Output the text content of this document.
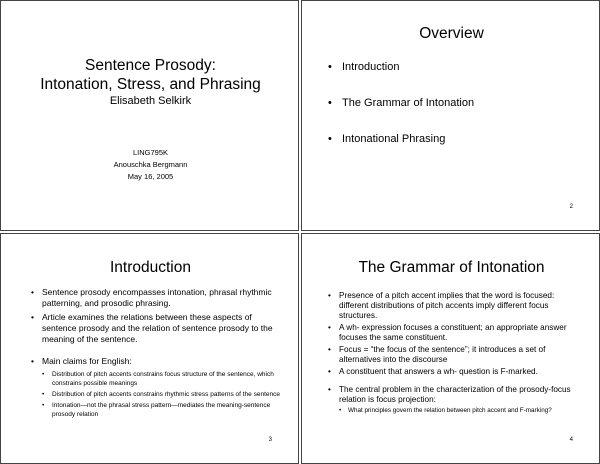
Sentence Prosody:
Intonation, Stress, and Phrasing
Elisabeth Selkirk
LING795K
Anouschka Bergmann
May 16, 2005
Overview
• Introduction
• The Grammar of Intonation
• Intonational Phrasing
2
Introduction
• Sentence prosody encompasses intonation, phrasal rhythmic patterning, and prosodic phrasing.
• Article examines the relations between these aspects of sentence prosody and the relation of sentence prosody to the meaning of the sentence.
• Main claims for English:
• Distribution of pitch accents constrains focus structure of the sentence, which constrains possible meanings
• Distribution of pitch accents constrains rhythmic stress patterns of the sentence
• Intonation—not the phrasal stress pattern—mediates the meaning-sentence prosody relation
3
The Grammar of Intonation
• Presence of a pitch accent implies that the word is focused: different distributions of pitch accents imply different focus structures.
• A wh- expression focuses a constituent; an appropriate answer focuses the same constituent.
• Focus = “the focus of the sentence”; it introduces a set of alternatives into the discourse
• A constituent that answers a wh- question is F-marked.
• The central problem in the characterization of the prosody-focus relation is focus projection:
• What principles govern the relation between pitch accent and F-marking?
4
